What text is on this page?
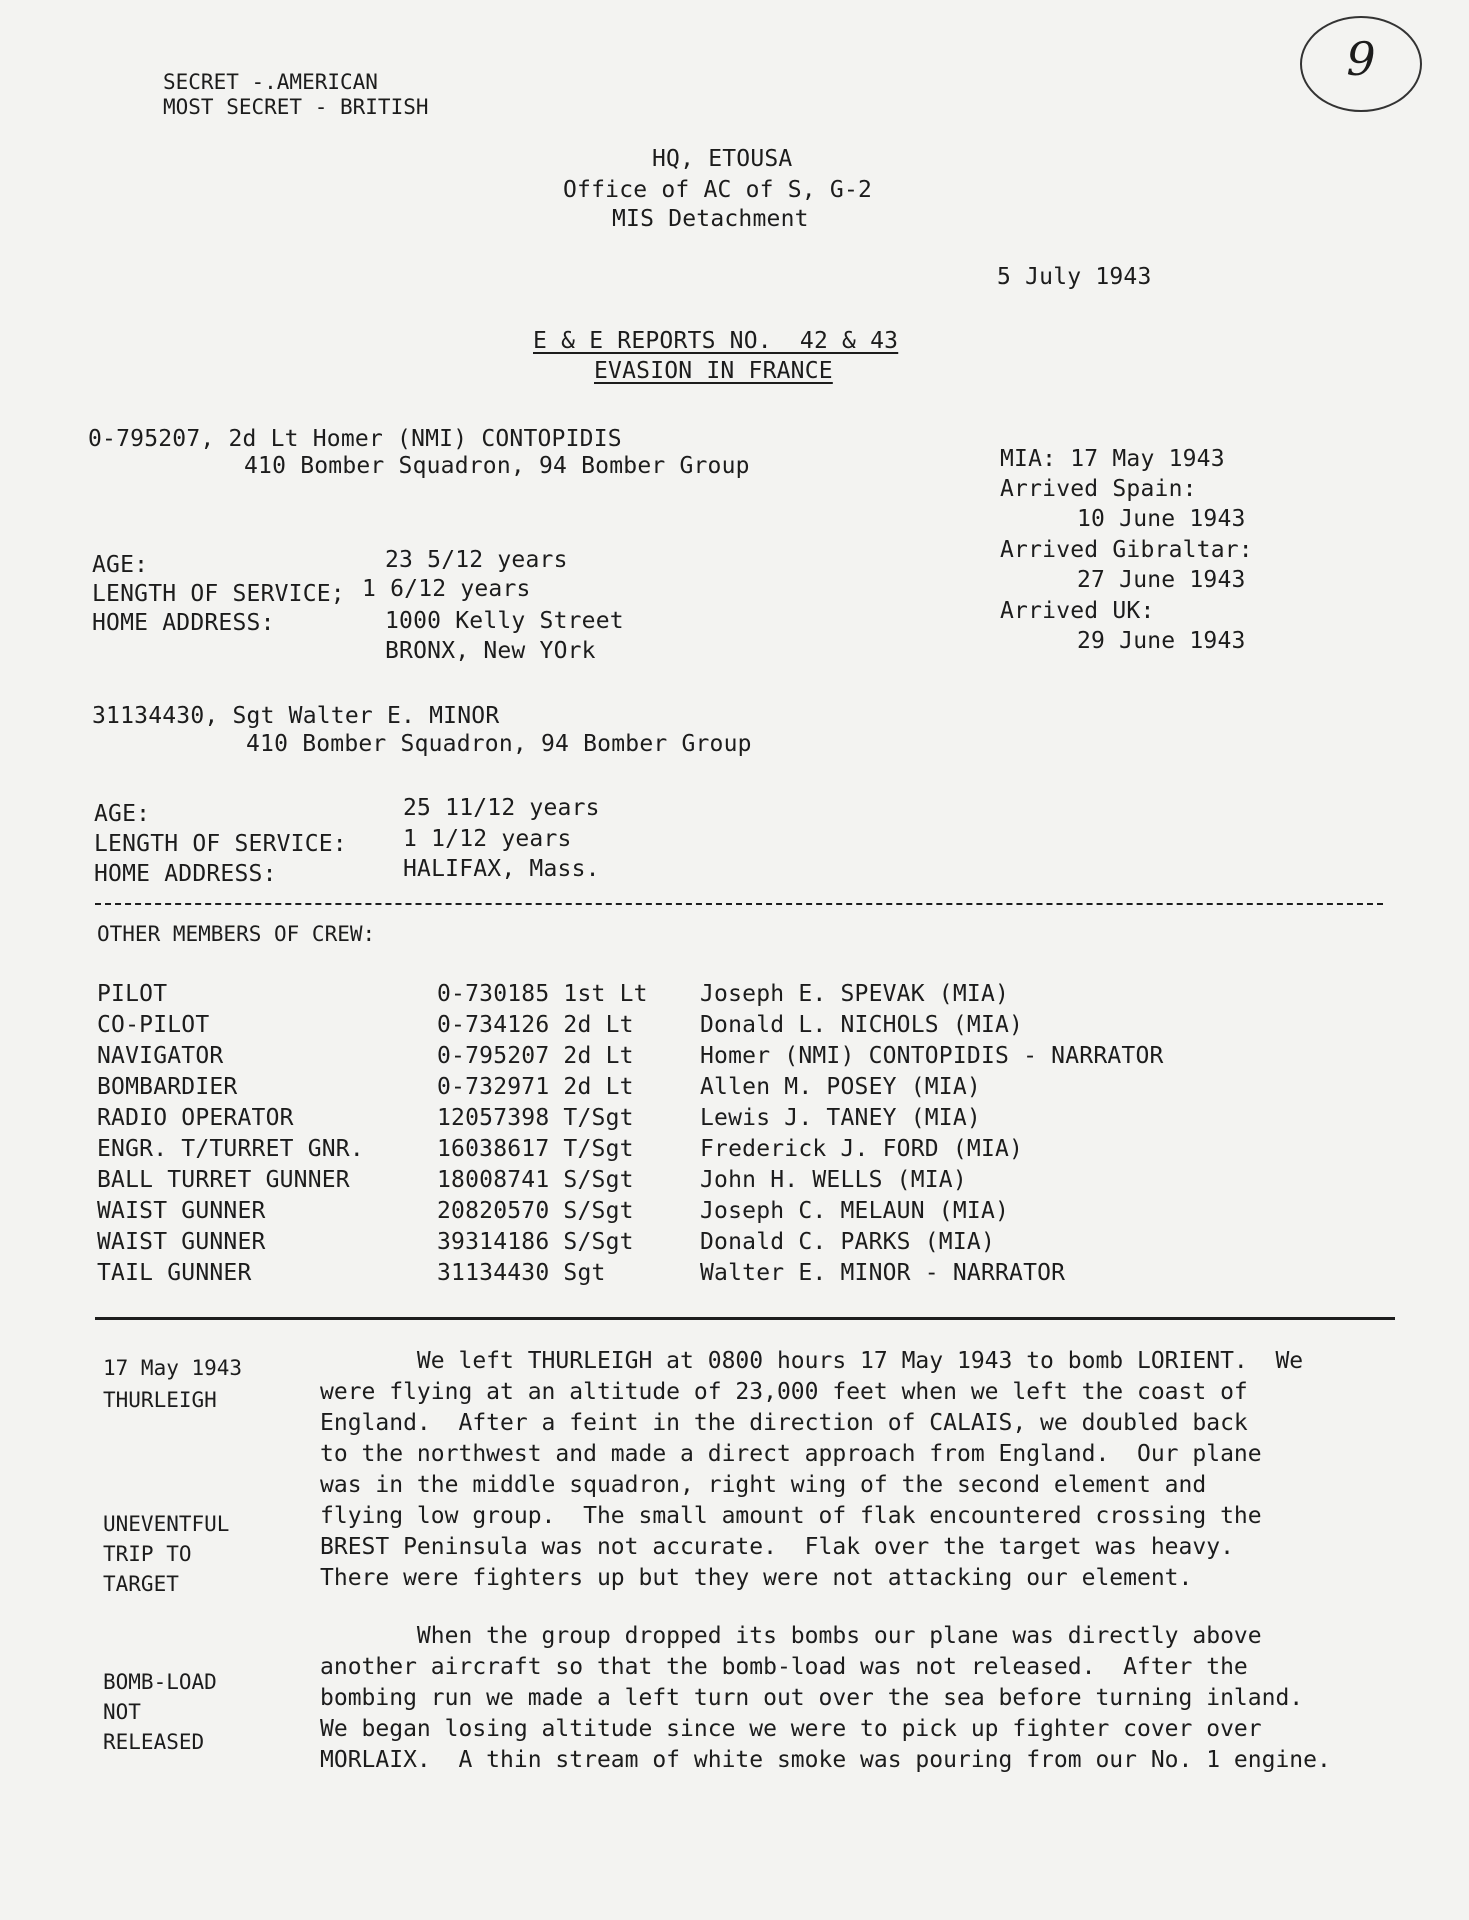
SECRET -.AMERICAN
MOST SECRET - BRITISH
9
HQ, ETOUSA
Office of AC of S, G-2
MIS Detachment
5 July 1943
E & E REPORTS NO.  42 & 43
EVASION IN FRANCE
0-795207, 2d Lt Homer (NMI) CONTOPIDIS
410 Bomber Squadron, 94 Bomber Group
AGE:	23 5/12 years
LENGTH OF SERVICE; 1 6/12 years
HOME ADDRESS:	1000 Kelly Street
BRONX, New YOrk
MIA: 17 May 1943
Arrived Spain:
10 June 1943
Arrived Gibraltar:
27 June 1943
Arrived UK:
29 June 1943
31134430, Sgt Walter E. MINOR
410 Bomber Squadron, 94 Bomber Group
AGE:	25 11/12 years
LENGTH OF SERVICE: 1 1/12 years
HOME ADDRESS:	HALIFAX, Mass.
OTHER MEMBERS OF CREW:
PILOT	0-730185 1st Lt Joseph E. SPEVAK (MIA)
CO-PILOT	0-734126 2d Lt	Donald L. NICHOLS (MIA)
NAVIGATOR	0-795207 2d Lt	Homer (NMI) CONTOPIDIS - NARRATOR
BOMBARDIER	0-732971 2d Lt	Allen M. POSEY (MIA)
RADIO OPERATOR	12057398 T/Sgt	Lewis J. TANEY (MIA)
ENGR. T/TURRET GNR.	16038617 T/Sgt	Frederick J. FORD (MIA)
BALL TURRET GUNNER	18008741 S/Sgt	John H. WELLS (MIA)
WAIST GUNNER	20820570 S/Sgt	Joseph C. MELAUN (MIA)
WAIST GUNNER	39314186 S/Sgt	Donald C. PARKS (MIA)
TAIL GUNNER	31134430 Sgt	Walter E. MINOR - NARRATOR
17 May 1943
THURLEIGH
UNEVENTFUL
TRIP TO
TARGET
BOMB-LOAD
NOT
RELEASED
We left THURLEIGH at 0800 hours 17 May 1943 to bomb LORIENT.  We
were flying at an altitude of 23,000 feet when we left the coast of
England.  After a feint in the direction of CALAIS, we doubled back
to the northwest and made a direct approach from England.  Our plane
was in the middle squadron, right wing of the second element and
flying low group.  The small amount of flak encountered crossing the
BREST Peninsula was not accurate.  Flak over the target was heavy.
There were fighters up but they were not attacking our element.
When the group dropped its bombs our plane was directly above
another aircraft so that the bomb-load was not released.  After the
bombing run we made a left turn out over the sea before turning inland.
We began losing altitude since we were to pick up fighter cover over
MORLAIX.  A thin stream of white smoke was pouring from our No. 1 engine.
